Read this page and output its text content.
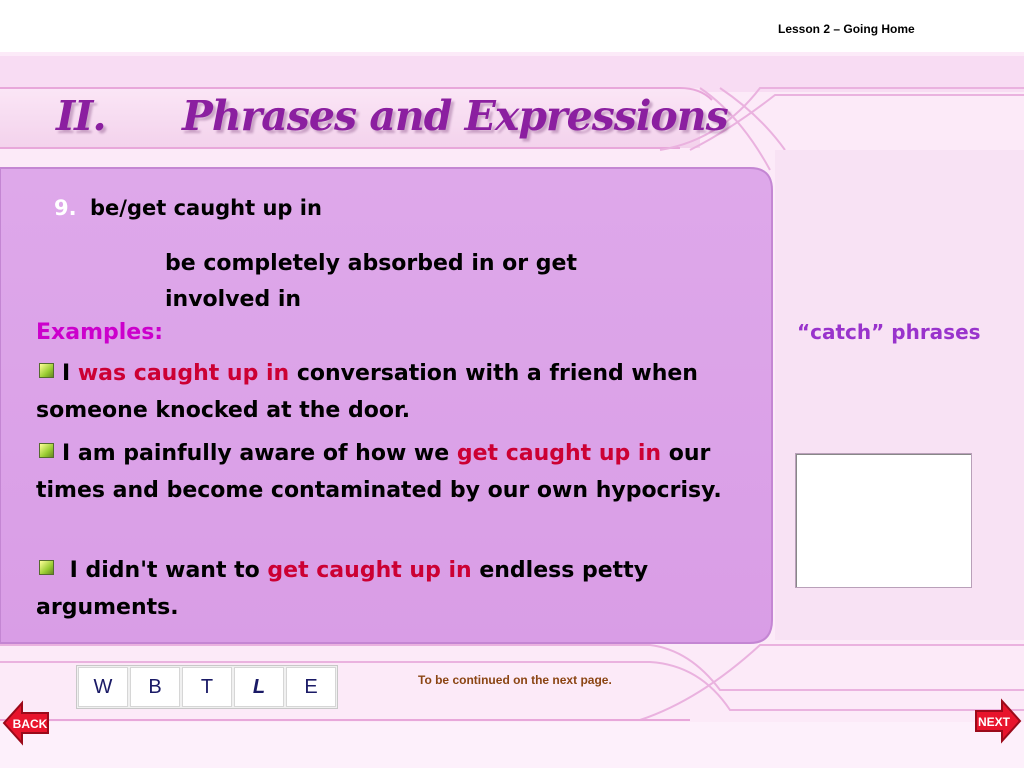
Lesson 2 – Going Home
II. Phrases and Expressions
9. be/get caught up in
be completely absorbed in or get involved in
Examples:
I was caught up in conversation with a friend when someone knocked at the door.
I am painfully aware of how we get caught up in our times and become contaminated by our own hypocrisy.
I didn't want to get caught up in endless petty arguments.
“catch” phrases
W	B	T	L	E	To be continued on the next page.
BACK	NEXT
